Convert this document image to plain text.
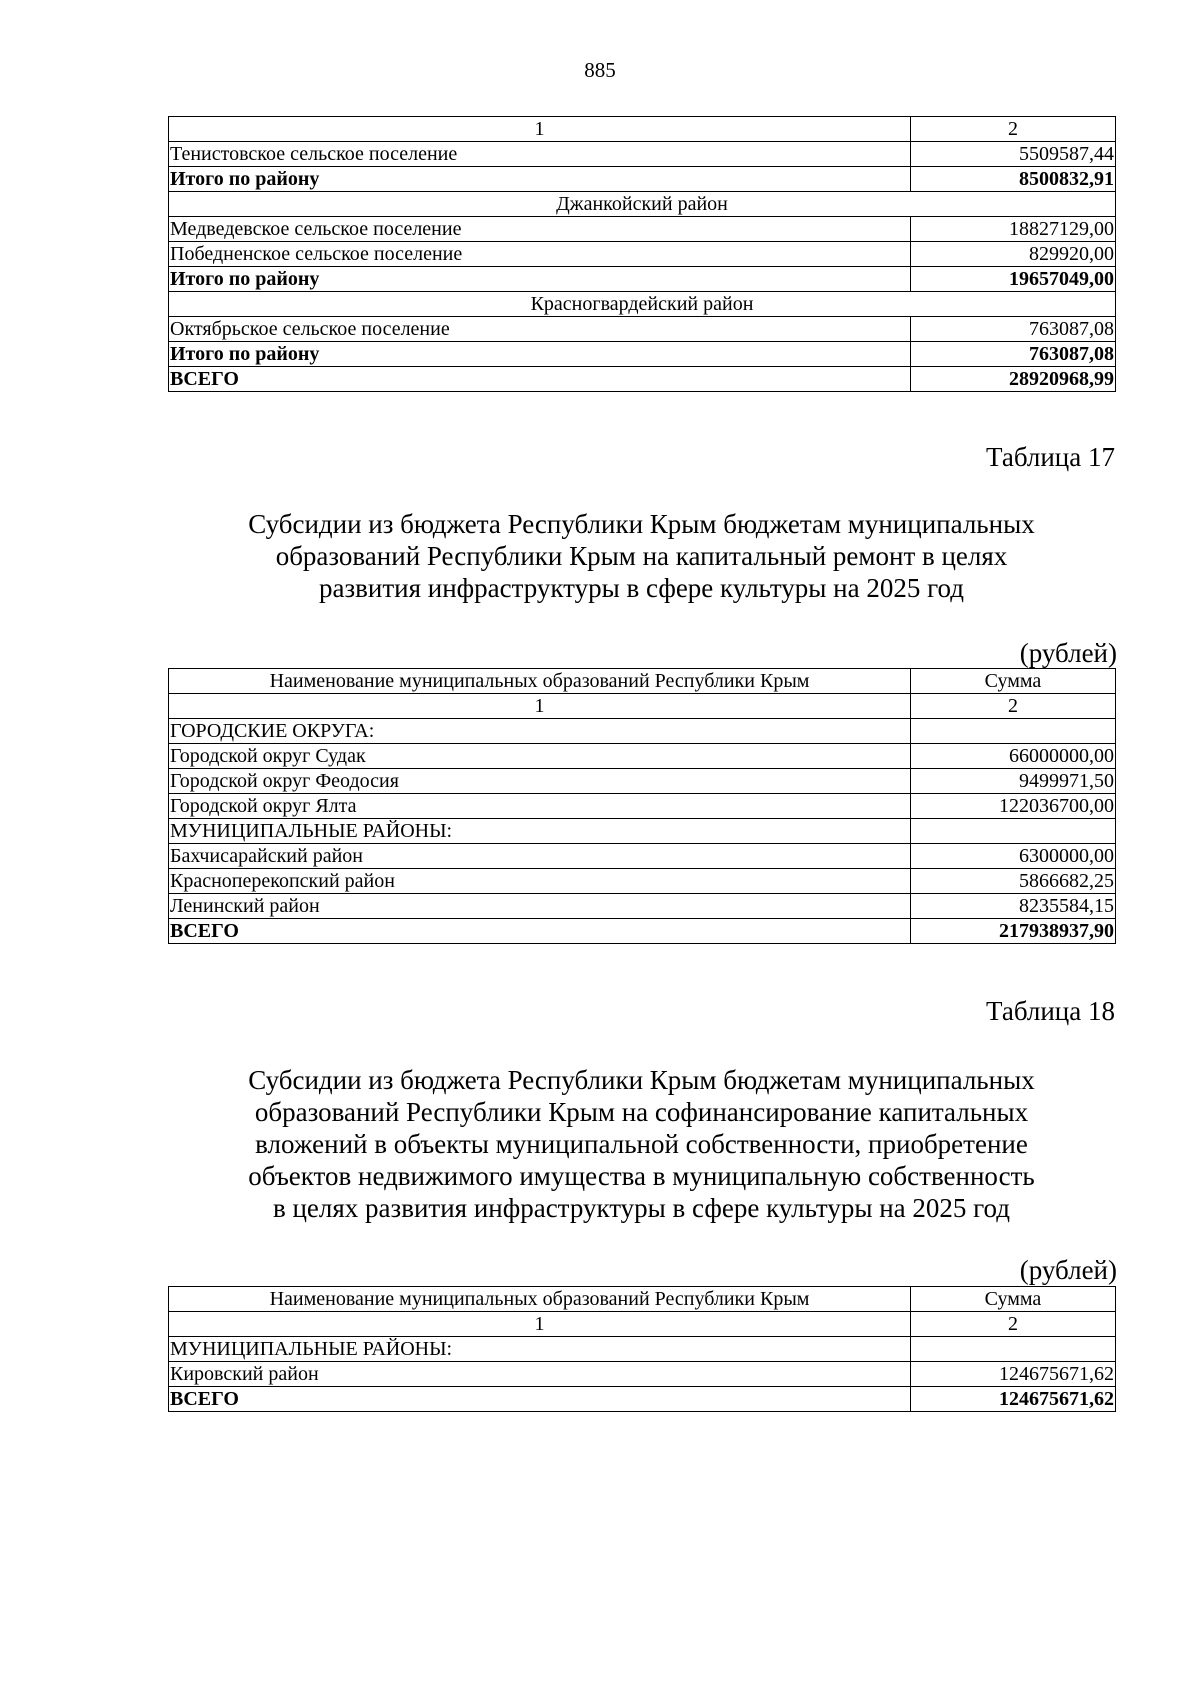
885
1	2
Тенистовское сельское поселение	5509587,44
Итого по району	8500832,91
Джанкойский район	
Медведевское сельское поселение	18827129,00
Победненское сельское поселение	829920,00
Итого по району	19657049,00
Красногвардейский район	
Октябрьское сельское поселение	763087,08
Итого по району	763087,08
ВСЕГО	28920968,99
Таблица 17
Субсидии из бюджета Республики Крым бюджетам муниципальных
образований Республики Крым на капитальный ремонт в целях
развития инфраструктуры в сфере культуры на 2025 год
(рублей)
Наименование муниципальных образований Республики Крым	Сумма
1	2
ГОРОДСКИЕ ОКРУГА:	
Городской округ Судак	66000000,00
Городской округ Феодосия	9499971,50
Городской округ Ялта	122036700,00
МУНИЦИПАЛЬНЫЕ РАЙОНЫ:	
Бахчисарайский район	6300000,00
Красноперекопский район	5866682,25
Ленинский район	8235584,15
ВСЕГО	217938937,90
Таблица 18
Субсидии из бюджета Республики Крым бюджетам муниципальных
образований Республики Крым на софинансирование капитальных
вложений в объекты муниципальной собственности, приобретение
объектов недвижимого имущества в муниципальную собственность
в целях развития инфраструктуры в сфере культуры на 2025 год
(рублей)
Наименование муниципальных образований Республики Крым	Сумма
1	2
МУНИЦИПАЛЬНЫЕ РАЙОНЫ:	
Кировский район	124675671,62
ВСЕГО	124675671,62
